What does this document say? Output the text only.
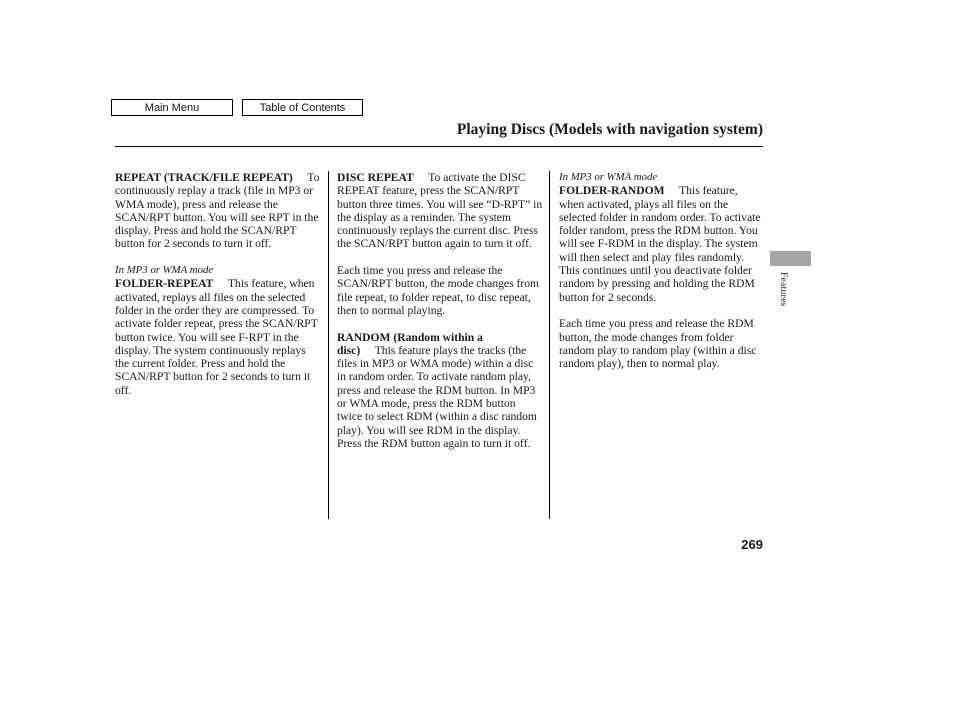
Main Menu	Table of Contents
Playing Discs (Models with navigation system)

REPEAT (TRACK/FILE REPEAT) To continuously replay a track (file in MP3 or WMA mode), press and release the SCAN/RPT button. You will see RPT in the display. Press and hold the SCAN/RPT button for 2 seconds to turn it off.

In MP3 or WMA mode

FOLDER-REPEAT This feature, when activated, replays all files on the selected folder in the order they are compressed. To activate folder repeat, press the SCAN/RPT button twice. You will see F-RPT in the display. The system continuously replays the current folder. Press and hold the SCAN/RPT button for 2 seconds to turn it off.

DISC REPEAT To activate the DISC REPEAT feature, press the SCAN/RPT button three times. You will see “D-RPT” in the display as a reminder. The system continuously replays the current disc. Press the SCAN/RPT button again to turn it off.

Each time you press and release the SCAN/RPT button, the mode changes from file repeat, to folder repeat, to disc repeat, then to normal playing.

RANDOM (Random within a disc) This feature plays the tracks (the files in MP3 or WMA mode) within a disc in random order. To activate random play, press and release the RDM button. In MP3 or WMA mode, press the RDM button twice to select RDM (within a disc random play). You will see RDM in the display. Press the RDM button again to turn it off.

In MP3 or WMA mode

FOLDER-RANDOM This feature, when activated, plays all files on the selected folder in random order. To activate folder random, press the RDM button. You will see F-RDM in the display. The system will then select and play files randomly. This continues until you deactivate folder random by pressing and holding the RDM button for 2 seconds.

Each time you press and release the RDM button, the mode changes from folder random play to random play (within a disc random play), then to normal play.

Features
269
